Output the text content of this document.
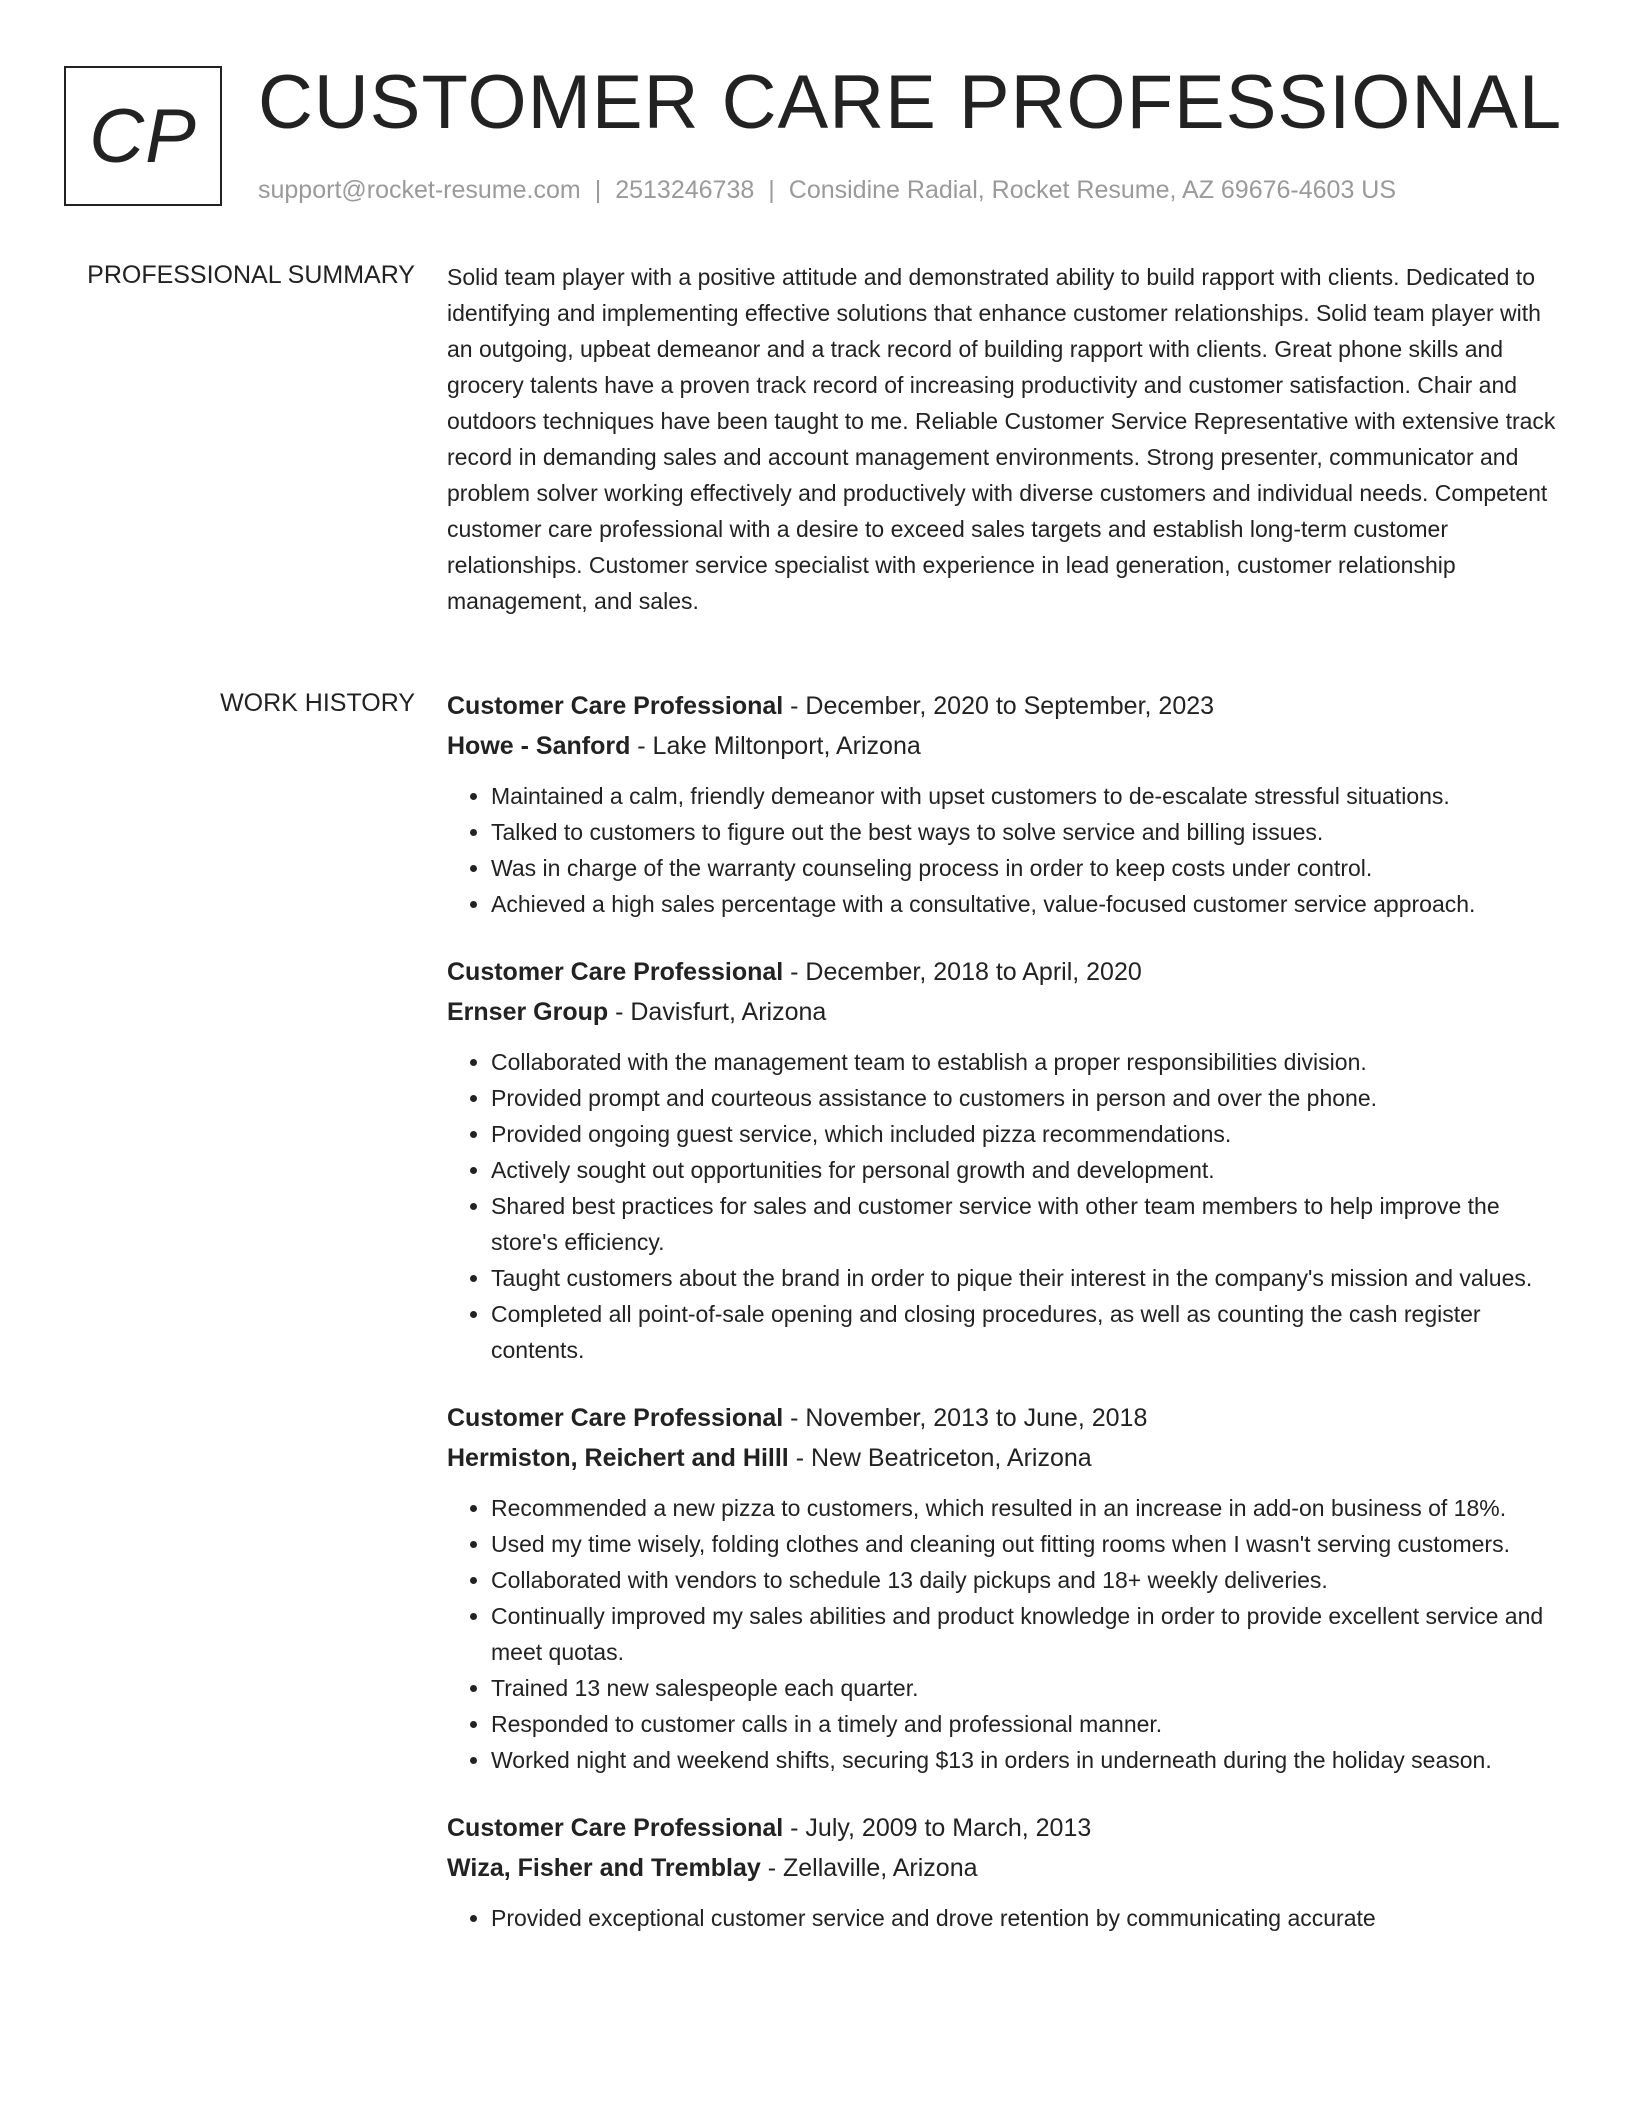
CP CUSTOMER CARE PROFESSIONAL
support@rocket-resume.com | 2513246738 | Considine Radial, Rocket Resume, AZ 69676-4603 US
PROFESSIONAL SUMMARY Solid team player with a positive attitude and demonstrated ability to build rapport with clients. Dedicated to identifying and implementing effective solutions that enhance customer relationships. Solid team player with an outgoing, upbeat demeanor and a track record of building rapport with clients. Great phone skills and grocery talents have a proven track record of increasing productivity and customer satisfaction. Chair and outdoors techniques have been taught to me. Reliable Customer Service Representative with extensive track record in demanding sales and account management environments. Strong presenter, communicator and problem solver working effectively and productively with diverse customers and individual needs. Competent customer care professional with a desire to exceed sales targets and establish long-term customer relationships. Customer service specialist with experience in lead generation, customer relationship management, and sales.

WORK HISTORY Customer Care Professional - December, 2020 to September, 2023
Howe - Sanford - Lake Miltonport, Arizona
• Maintained a calm, friendly demeanor with upset customers to de-escalate stressful situations.
• Talked to customers to figure out the best ways to solve service and billing issues.
• Was in charge of the warranty counseling process in order to keep costs under control.
• Achieved a high sales percentage with a consultative, value-focused customer service approach.
Customer Care Professional - December, 2018 to April, 2020
Ernser Group - Davisfurt, Arizona
• Collaborated with the management team to establish a proper responsibilities division.
• Provided prompt and courteous assistance to customers in person and over the phone.
• Provided ongoing guest service, which included pizza recommendations.
• Actively sought out opportunities for personal growth and development.
• Shared best practices for sales and customer service with other team members to help improve the store's efficiency.
• Taught customers about the brand in order to pique their interest in the company's mission and values.
• Completed all point-of-sale opening and closing procedures, as well as counting the cash register contents.
Customer Care Professional - November, 2013 to June, 2018
Hermiston, Reichert and Hilll - New Beatriceton, Arizona
• Recommended a new pizza to customers, which resulted in an increase in add-on business of 18%.
• Used my time wisely, folding clothes and cleaning out fitting rooms when I wasn't serving customers.
• Collaborated with vendors to schedule 13 daily pickups and 18+ weekly deliveries.
• Continually improved my sales abilities and product knowledge in order to provide excellent service and meet quotas.
• Trained 13 new salespeople each quarter.
• Responded to customer calls in a timely and professional manner.
• Worked night and weekend shifts, securing $13 in orders in underneath during the holiday season.
Customer Care Professional - July, 2009 to March, 2013
Wiza, Fisher and Tremblay - Zellaville, Arizona
• Provided exceptional customer service and drove retention by communicating accurate
